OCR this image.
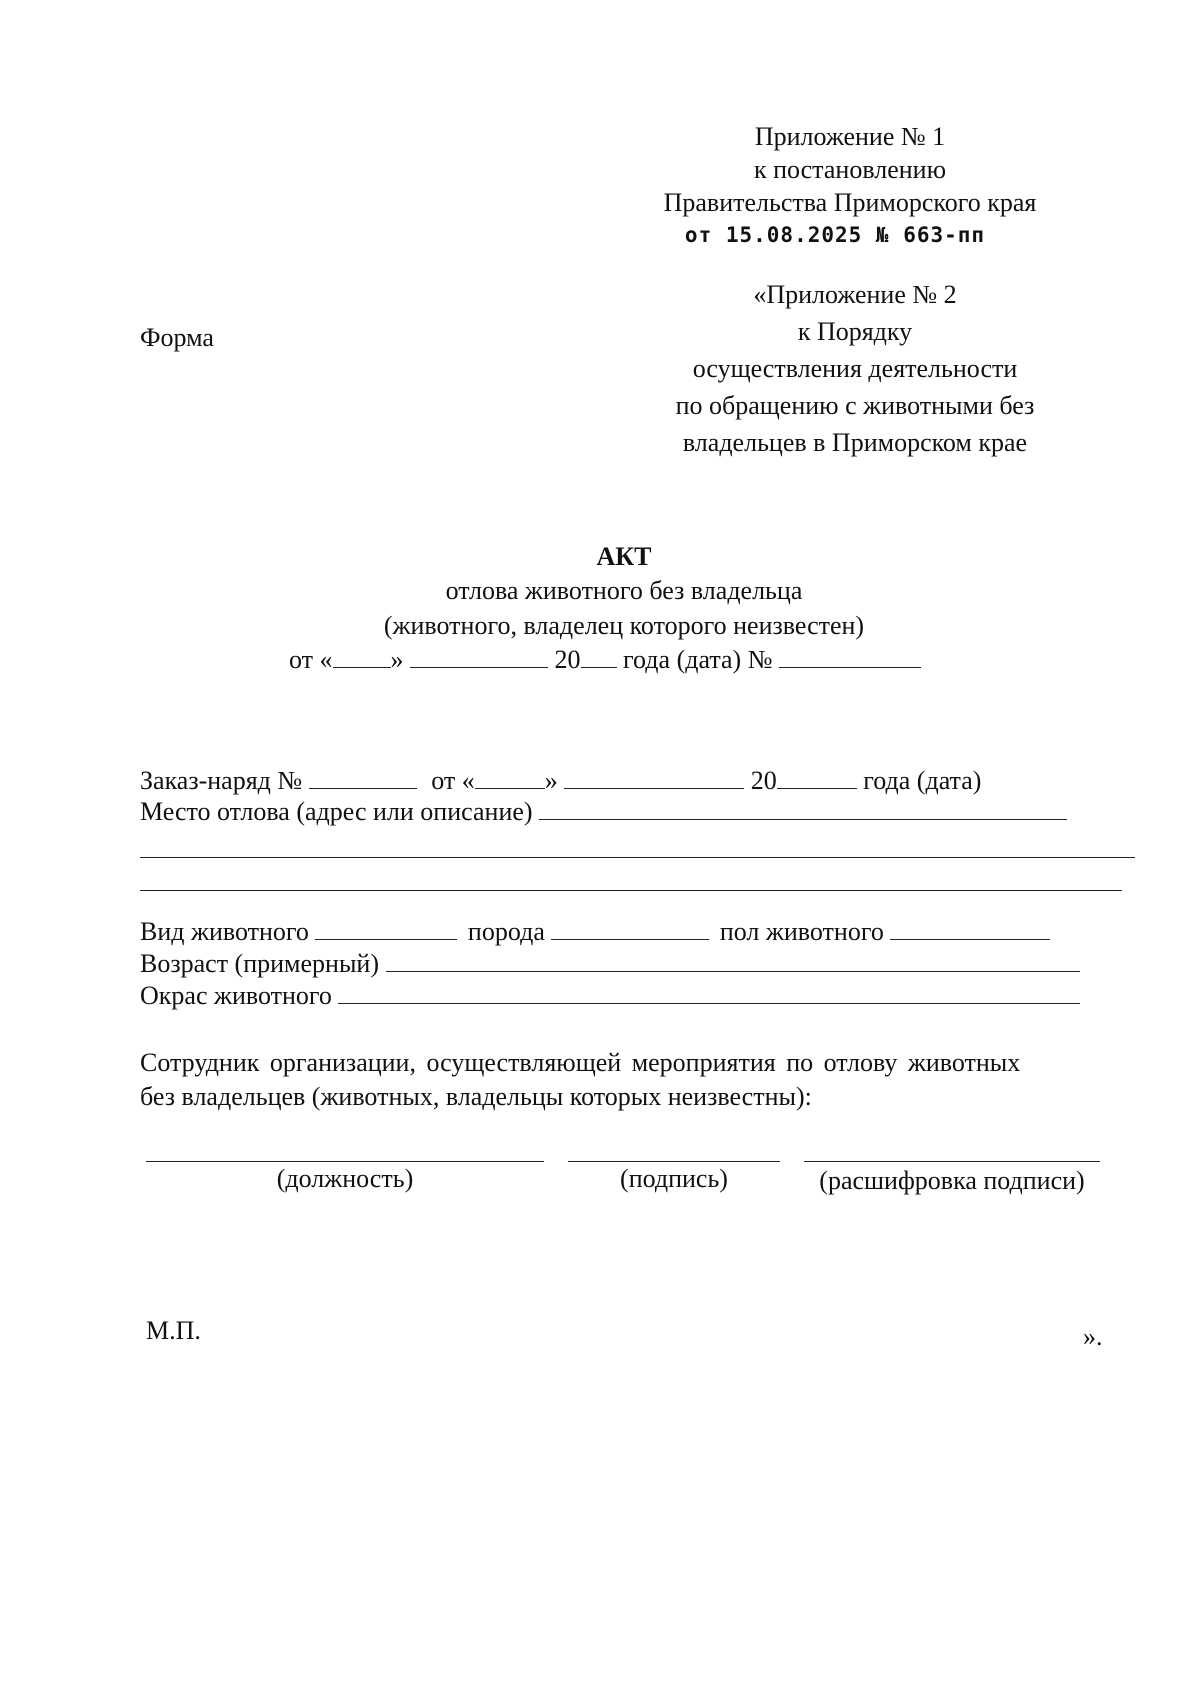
Приложение № 1
к постановлению
Правительства Приморского края
от 15.08.2025 № 663-пп
Форма
«Приложение № 2
к Порядку
осуществления деятельности
по обращению с животными без
владельцев в Приморском крае
АКТ
отлова животного без владельца
(животного, владелец которого неизвестен)
от « »	20 года (дата) №
Заказ-наряд №	от «	»	20	года (дата)
Место отлова (адрес или описание)
Вид животного	порода	пол животного
Возраст (примерный)
Окрас животного
Сотрудник организации, осуществляющей мероприятия по отлову животных
без владельцев (животных, владельцы которых неизвестны):
(должность)	(подпись)	(расшифровка подписи)
М.П.	».
